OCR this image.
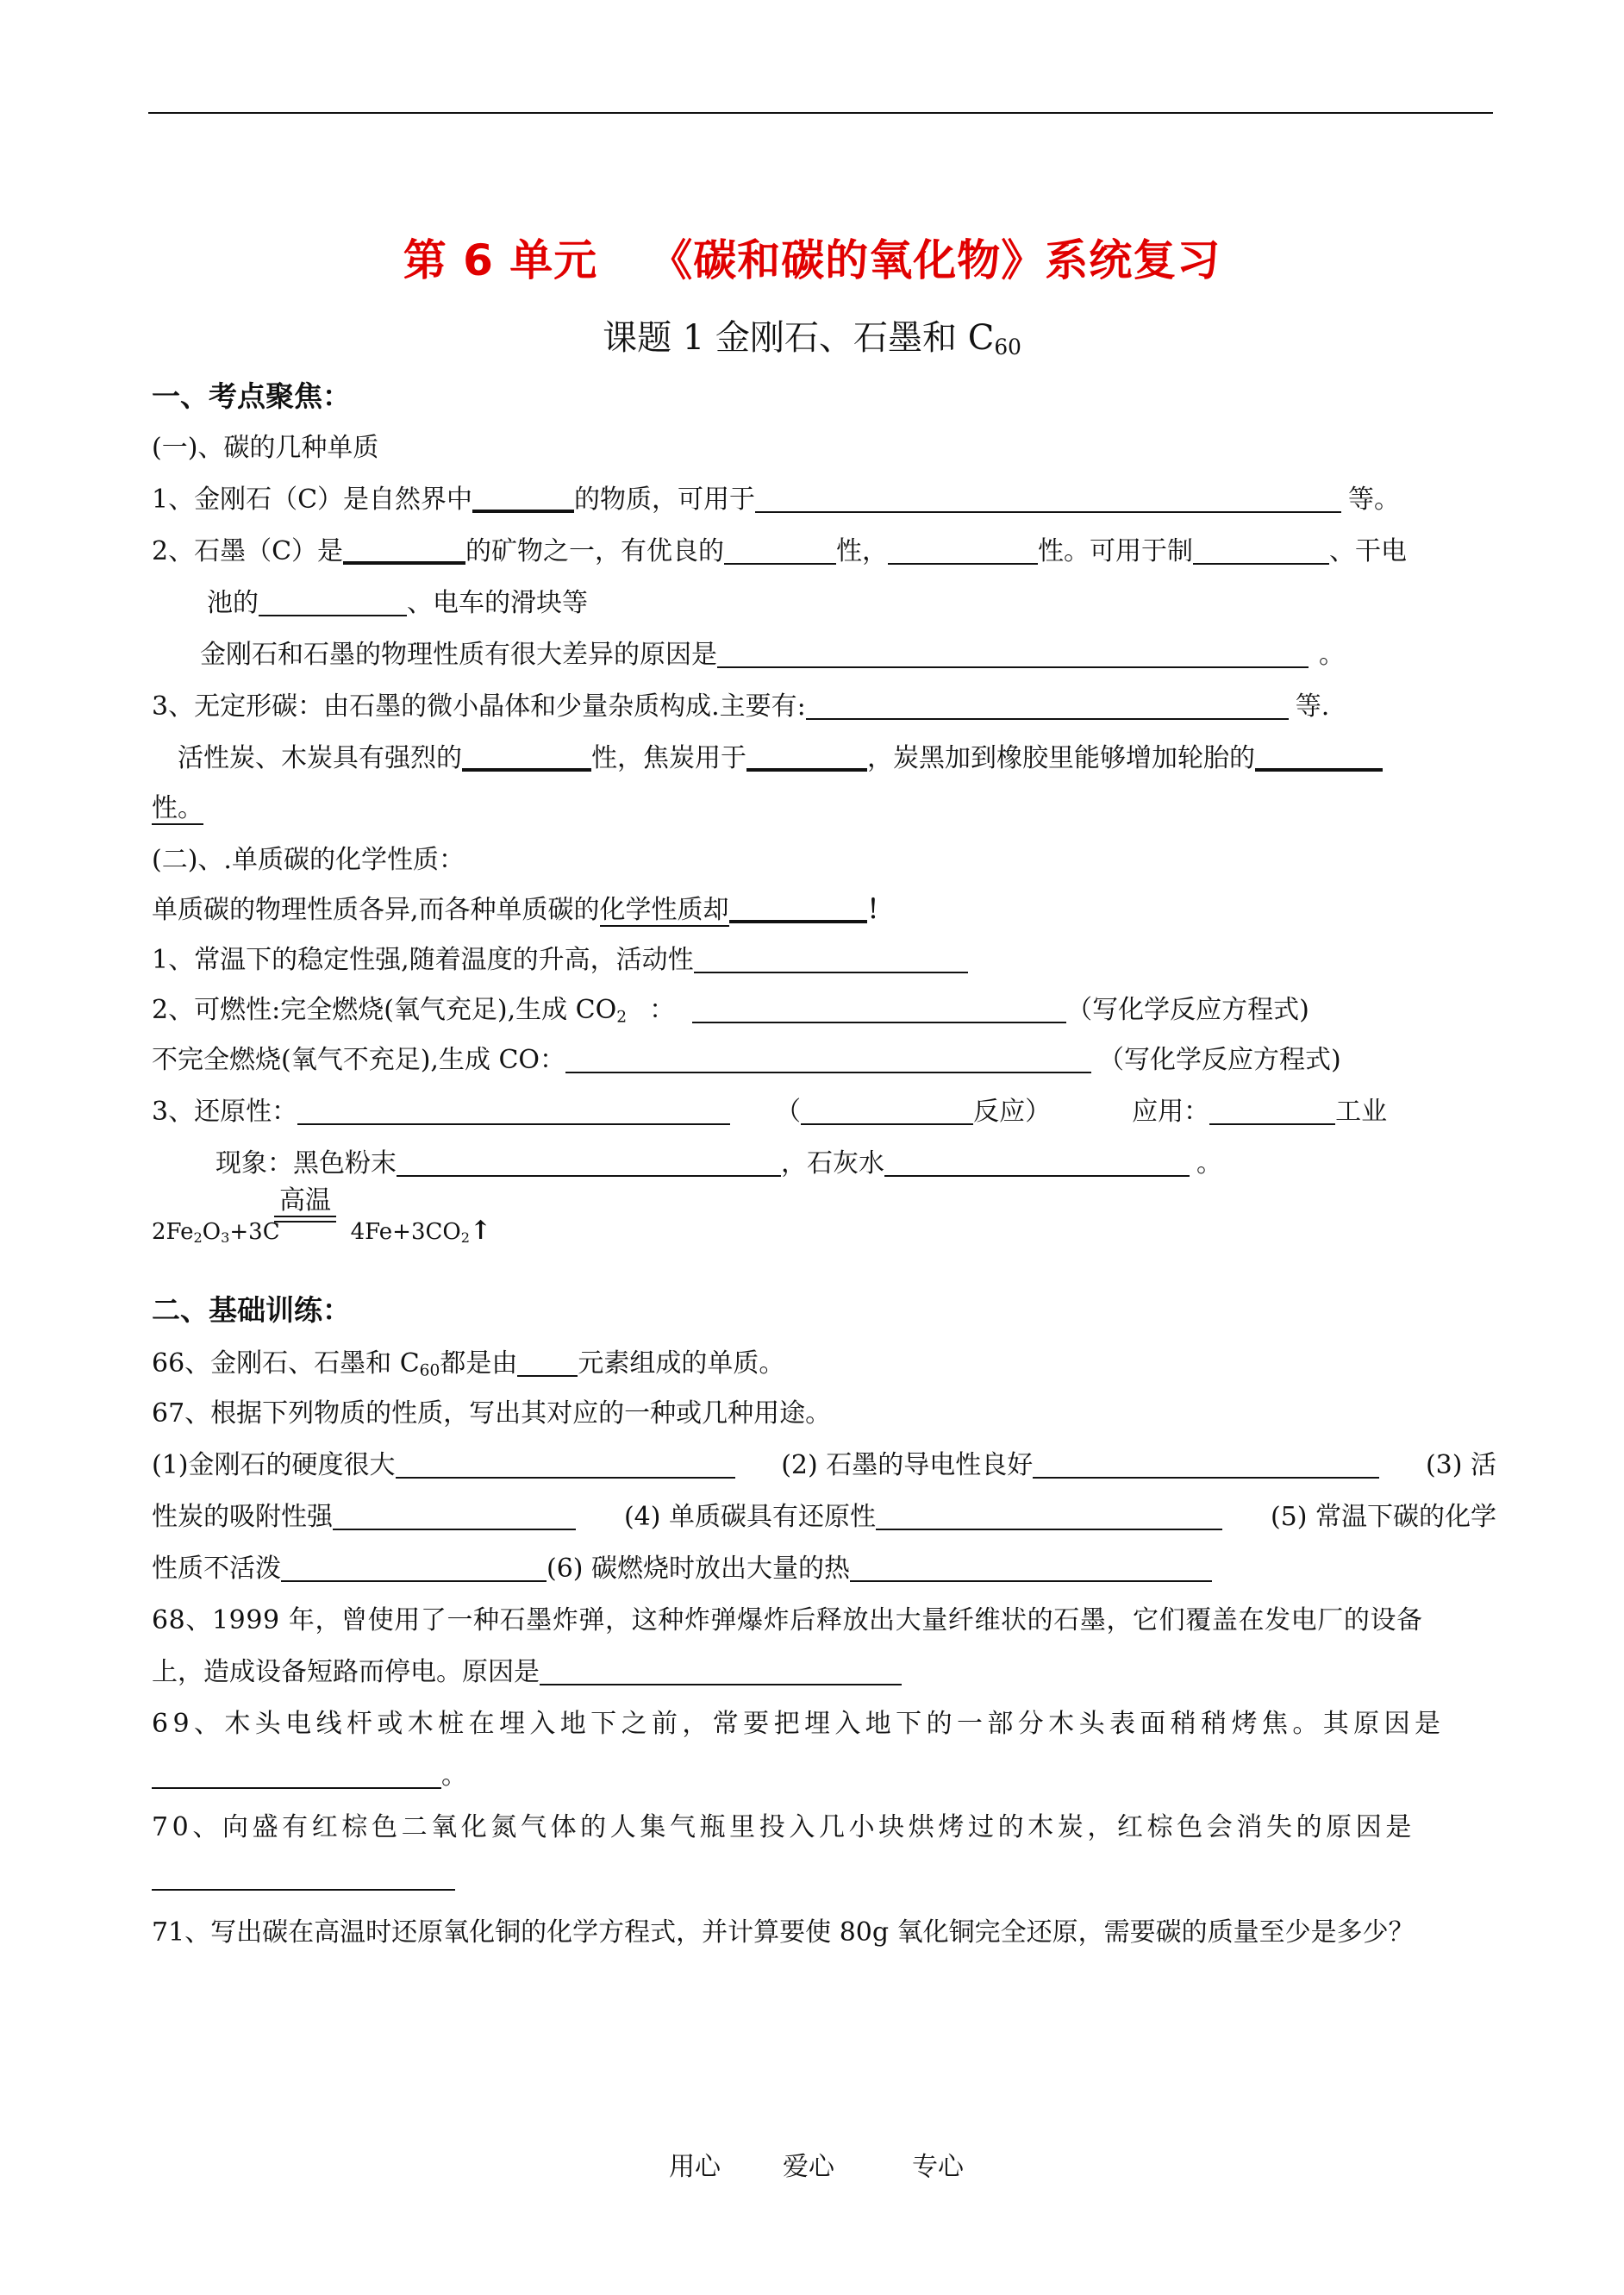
第 6 单元 《碳和碳的氧化物》系统复习
课题 1 金刚石、石墨和 $C_{60}$
一、考点聚焦：
(一)、碳的几种单质
1、金刚石（C）是自然界中	的物质，可用于	等。
2、石墨（C）是	的矿物之一，有优良的	性，	性。可用于制	、干电
池的	、电车的滑块等
金刚石和石墨的物理性质有很大差异的原因是	。
3、无定形碳：由石墨的微小晶体和少量杂质构成.主要有:	等.
活性炭、木炭具有强烈的	性，焦炭用于	，炭黑加到橡胶里能够增加轮胎的
性。
(二)、.单质碳的化学性质：
单质碳的物理性质各异,而各种单质碳的化学性质却	！
1、常温下的稳定性强,随着温度的升高，活动性
2、可燃性:完全燃烧(氧气充足),生成 $CO_2$ ：	（写化学反应方程式)
不完全燃烧(氧气不充足),生成 CO：	（写化学反应方程式)
3、还原性：	（	反应）	应用：	工业
现象：黑色粉末	，石灰水	。
高温
$2Fe_2O_3+3C$	$4Fe+3CO_2↑$
二、基础训练：
66、金刚石、石墨和 $C_{60}$都是由 元素组成的单质。
67、根据下列物质的性质，写出其对应的一种或几种用途。
(1)金刚石的硬度很大	(2) 石墨的导电性良好	(3) 活
性炭的吸附性强	(4) 单质碳具有还原性	(5) 常温下碳的化学
性质不活泼	(6) 碳燃烧时放出大量的热
68、1999 年，曾使用了一种石墨炸弹，这种炸弹爆炸后释放出大量纤维状的石墨，它们覆盖在发电厂的设备
上，造成设备短路而停电。原因是
69、木头电线杆或木桩在埋入地下之前，常要把埋入地下的一部分木头表面稍稍烤焦。其原因是
。
70、向盛有红棕色二氧化氮气体的人集气瓶里投入几小块烘烤过的木炭，红棕色会消失的原因是
71、写出碳在高温时还原氧化铜的化学方程式，并计算要使 80g 氧化铜完全还原，需要碳的质量至少是多少？
用心 爱心	专心
